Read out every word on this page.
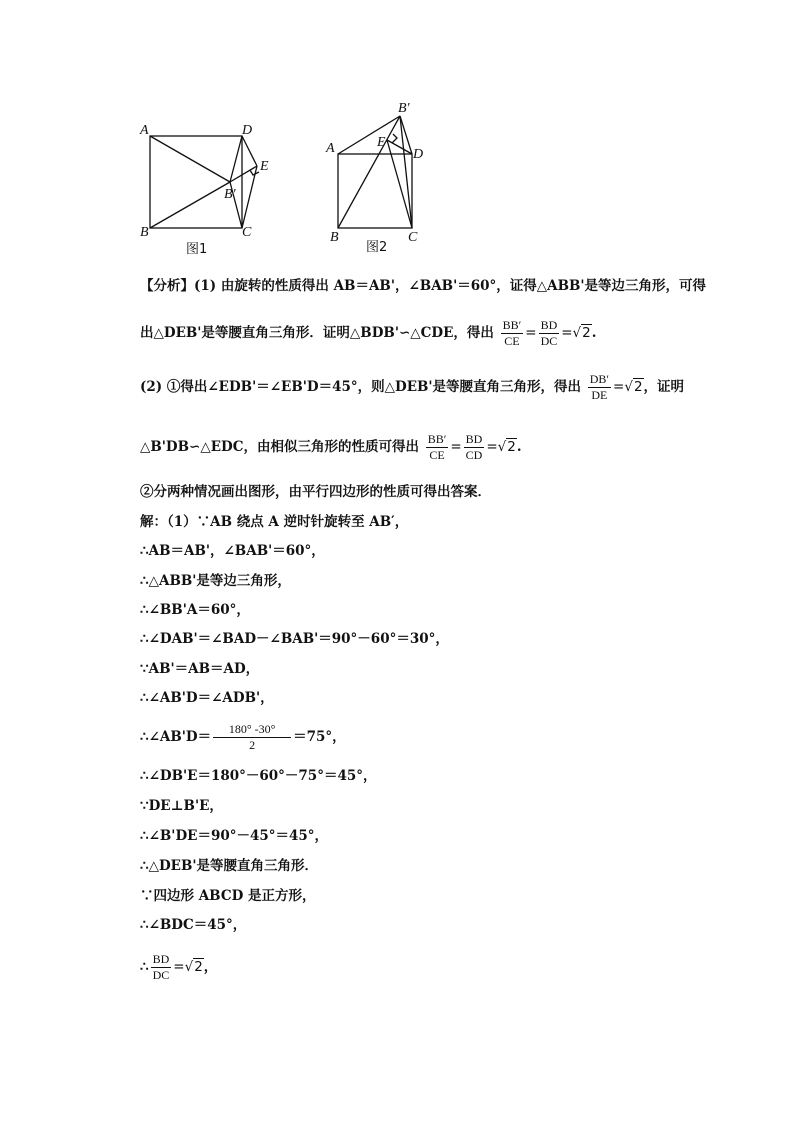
A
B	C
D
E
B'
图1
A
B	C
D
E
B'
图2
【分析】(1) 由旋转的性质得出 AB＝AB'，∠BAB'＝60°，证得△ABB'是等边三角形，可得
出△DEB'是等腰直角三角形．证明△BDB'∽△CDE，得出 $\frac{BB'}{CE} = \frac{BD}{DC} =√2$.
(2) ①得出∠EDB'＝∠EB'D＝45°，则△DEB'是等腰直角三角形，得出 $\frac{DB'}{DE} =√2$，证明
△B'DB∽△EDC，由相似三角形的性质可得出 $\frac{BB'}{CE} = \frac{BD}{CD} =√2$.
②分两种情况画出图形，由平行四边形的性质可得出答案．
解：（1）∵AB 绕点 A 逆时针旋转至 AB′，
∴AB＝AB'，∠BAB'＝60°，
∴△ABB'是等边三角形，
∴∠BB'A＝60°，
∴∠DAB'＝∠BAD－∠BAB'＝90°－60°＝30°，
∵AB'＝AB＝AD，
∴∠AB'D＝∠ADB'，
∴∠AB'D＝ $\frac{180^\circ -30^\circ}{2} =75^\circ$，
∴∠DB'E＝180°－60°－75°＝45°，
∵DE⊥B'E，
∴∠B'DE＝90°－45°＝45°，
∴△DEB'是等腰直角三角形．
∵四边形 ABCD 是正方形，
∴∠BDC＝45°，
∴ $\frac{BD}{DC} =√2$，
